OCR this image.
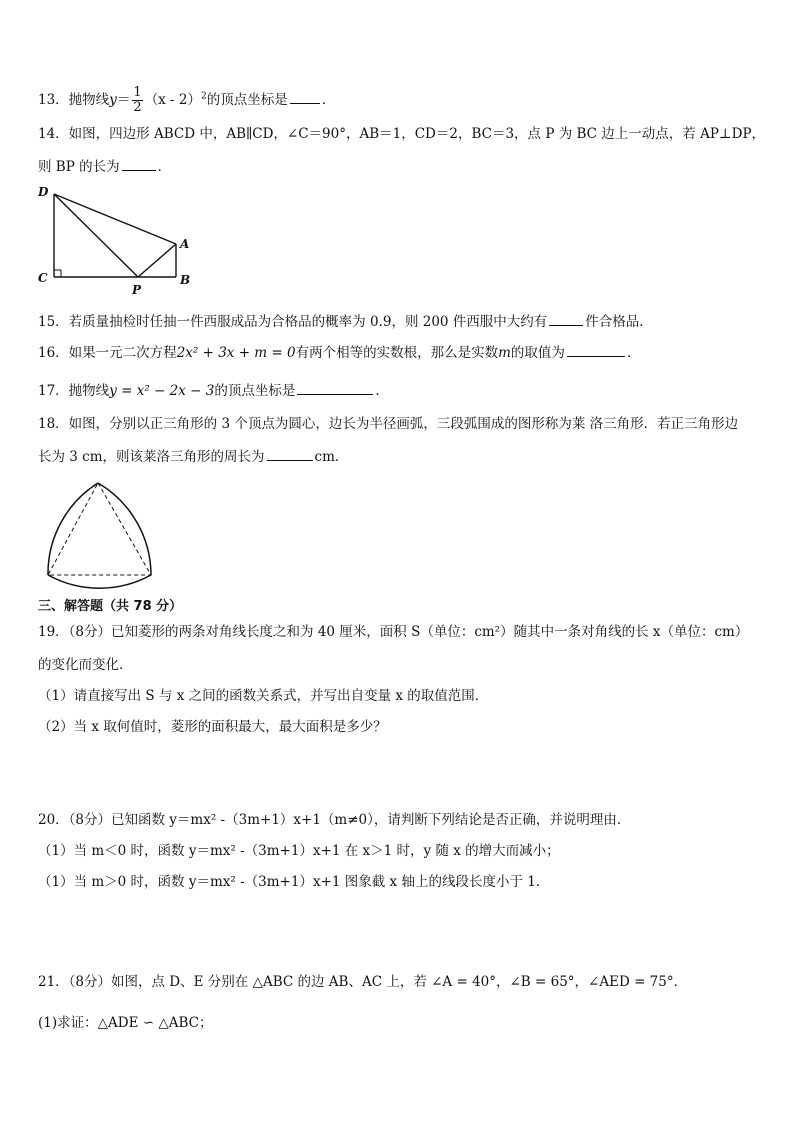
13．抛物线$y= \frac{1}{2} (x - 2)^2$的顶点坐标是	．
14．如图，四边形 ABCD 中，AB∥CD，∠C＝90°，AB＝1，CD＝2，BC＝3，点 P 为 BC 边上一动点，若 AP⊥DP，
则 BP 的长为	．
D
A
C
P
B
15．若质量抽检时任抽一件西服成品为合格品的概率为 0.9，则 200 件西服中大约有	件合格品．
16．如果一元二次方程2x² + 3x + m = 0有两个相等的实数根，那么是实数m的取值为	．
17．抛物线y = x² − 2x − 3的顶点坐标是	．
18．如图，分别以正三角形的 3 个顶点为圆心，边长为半径画弧，三段弧围成的图形称为莱 洛三角形．若正三角形边
长为 3 cm，则该莱洛三角形的周长为	cm．
三、解答题（共 78 分）
19．（8分）已知菱形的两条对角线长度之和为 40 厘米，面积 S（单位：cm²）随其中一条对角线的长 x（单位：cm）
的变化而变化．
（1）请直接写出 S 与 x 之间的函数关系式，并写出自变量 x 的取值范围．
（2）当 x 取何值时，菱形的面积最大，最大面积是多少？
20．（8分）已知函数 y＝mx² -（3m+1）x+1（m≠0），请判断下列结论是否正确，并说明理由．
（1）当 m＜0 时，函数 y＝mx² -（3m+1）x+1 在 x＞1 时，y 随 x 的增大而减小；
（1）当 m＞0 时，函数 y＝mx² -（3m+1）x+1 图象截 x 轴上的线段长度小于 1．
21．（8分）如图，点 D、E 分别在 △ABC 的边 AB、AC 上，若 ∠A = 40°，∠B = 65°，∠AED = 75°．
(1)求证：△ADE ∽ △ABC；
